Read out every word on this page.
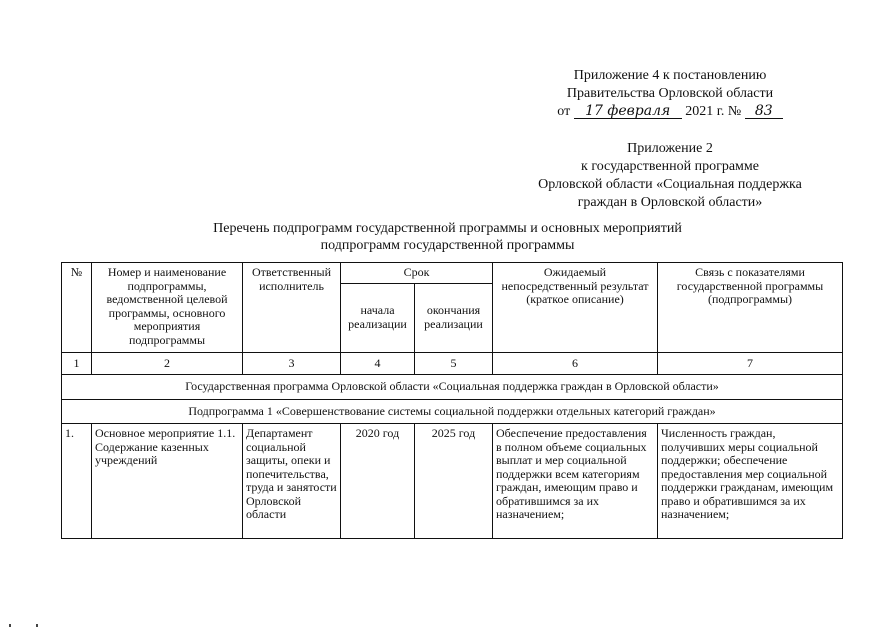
Приложение 4 к постановлению
Правительства Орловской области
от 17 февраля 2021 г. № 83
Приложение 2
к государственной программе
Орловской области «Социальная поддержка
граждан в Орловской области»
Перечень подпрограмм государственной программы и основных мероприятий
подпрограмм государственной программы
№	Номер и наименование подпрограммы, ведомственной целевой программы, основного мероприятия подпрограммы	Ответственный исполнитель	Срок		Ожидаемый непосредственный результат (краткое описание)	Связь с показателями государственной программы (подпрограммы)
			начала реализации	окончания реализации		
1	2	3	4	5	6	7
Государственная программа Орловской области «Социальная поддержка граждан в Орловской области»						
Подпрограмма 1 «Совершенствование системы социальной поддержки отдельных категорий граждан»						
1.	Основное мероприятие 1.1. Содержание казенных учреждений	Департамент социальной защиты, опеки и попечительства, труда и занятости Орловской области	2020 год	2025 год	Обеспечение предоставления в полном объеме социальных выплат и мер социальной поддержки всем категориям граждан, имеющим право и обратившимся за их назначением;	Численность граждан, получивших меры социальной поддержки; обеспечение предоставления мер социальной поддержки гражданам, имеющим право и обратившимся за их назначением;
